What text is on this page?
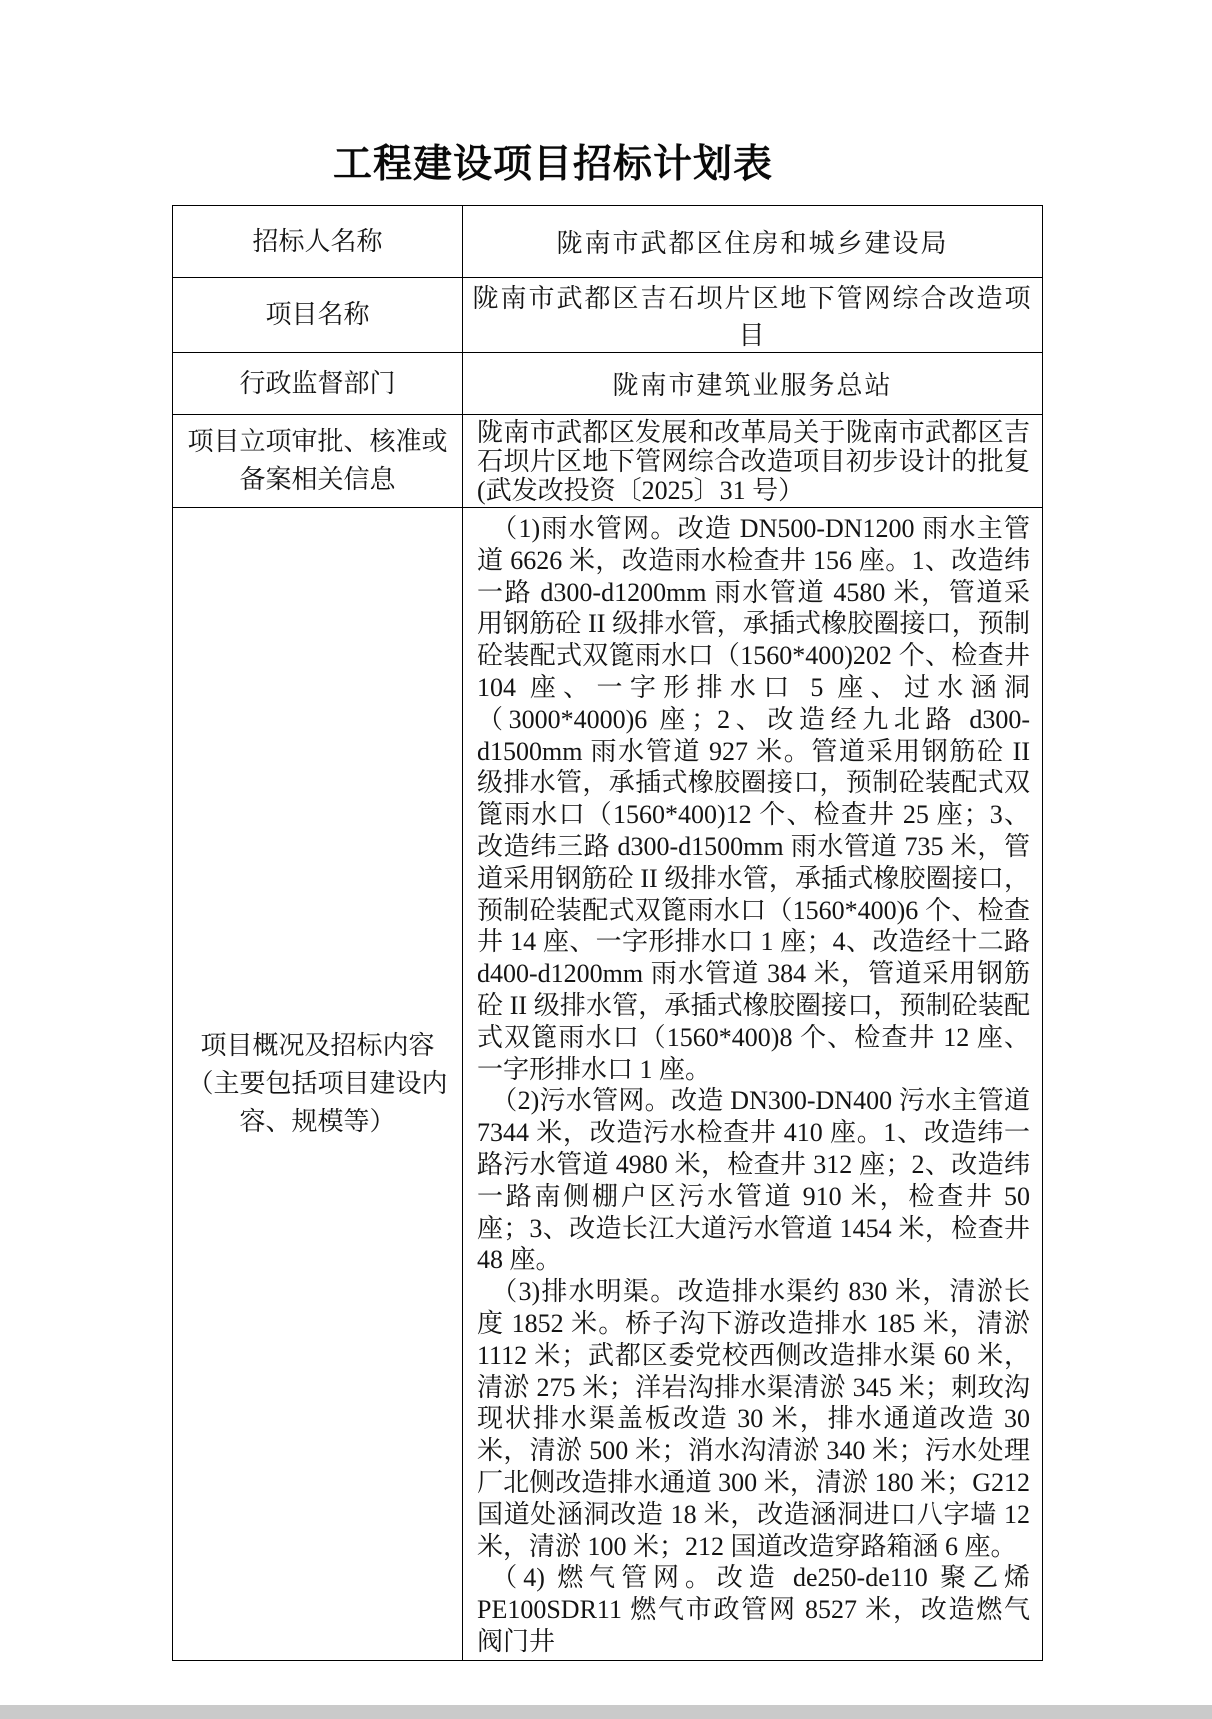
工程建设项目招标计划表
招标人名称	陇南市武都区住房和城乡建设局
项目名称	陇南市武都区吉石坝片区地下管网综合改造项目
行政监督部门	陇南市建筑业服务总站
项目立项审批、核准或备案相关信息	陇南市武都区发展和改革局关于陇南市武都区吉石坝片区地下管网综合改造项目初步设计的批复(武发改投资〔2025〕31 号）
项目概况及招标内容（主要包括项目建设内容、规模等）	（1)雨水管网。改造 DN500-DN1200 雨水主管道 6626 米，改造雨水检查井 156 座。1、改造纬一路 d300-d1200mm 雨水管道 4580 米，管道采用钢筋砼 II 级排水管，承插式橡胶圈接口，预制砼装配式双篦雨水口（1560*400)202 个、检查井 104 座、一字形排水口 5 座、过水涵洞（3000*4000)6 座；2、改造经九北路 d300-d1500mm 雨水管道 927 米。管道采用钢筋砼 II 级排水管，承插式橡胶圈接口，预制砼装配式双篦雨水口（1560*400)12 个、检查井 25 座；3、改造纬三路 d300-d1500mm 雨水管道 735 米，管道采用钢筋砼 II 级排水管，承插式橡胶圈接口，预制砼装配式双篦雨水口（1560*400)6 个、检查井 14 座、一字形排水口 1 座；4、改造经十二路 d400-d1200mm 雨水管道 384 米，管道采用钢筋砼 II 级排水管，承插式橡胶圈接口，预制砼装配式双篦雨水口（1560*400)8 个、检查井 12 座、一字形排水口 1 座。

（2)污水管网。改造 DN300-DN400 污水主管道 7344 米，改造污水检查井 410 座。1、改造纬一路污水管道 4980 米，检查井 312 座；2、改造纬一路南侧棚户区污水管道 910 米，检查井 50 座；3、改造长江大道污水管道 1454 米，检查井 48 座。

（3)排水明渠。改造排水渠约 830 米，清淤长度 1852 米。桥子沟下游改造排水 185 米，清淤 1112 米；武都区委党校西侧改造排水渠 60 米，清淤 275 米；洋岩沟排水渠清淤 345 米；刺玫沟现状排水渠盖板改造 30 米，排水通道改造 30 米，清淤 500 米；消水沟清淤 340 米；污水处理厂北侧改造排水通道 300 米，清淤 180 米；G212 国道处涵洞改造 18 米，改造涵洞进口八字墙 12 米，清淤 100 米；212 国道改造穿路箱涵 6 座。

（4) 燃气管网。改造 de250-de110 聚乙烯 PE100SDR11 燃气市政管网 8527 米，改造燃气阀门井
